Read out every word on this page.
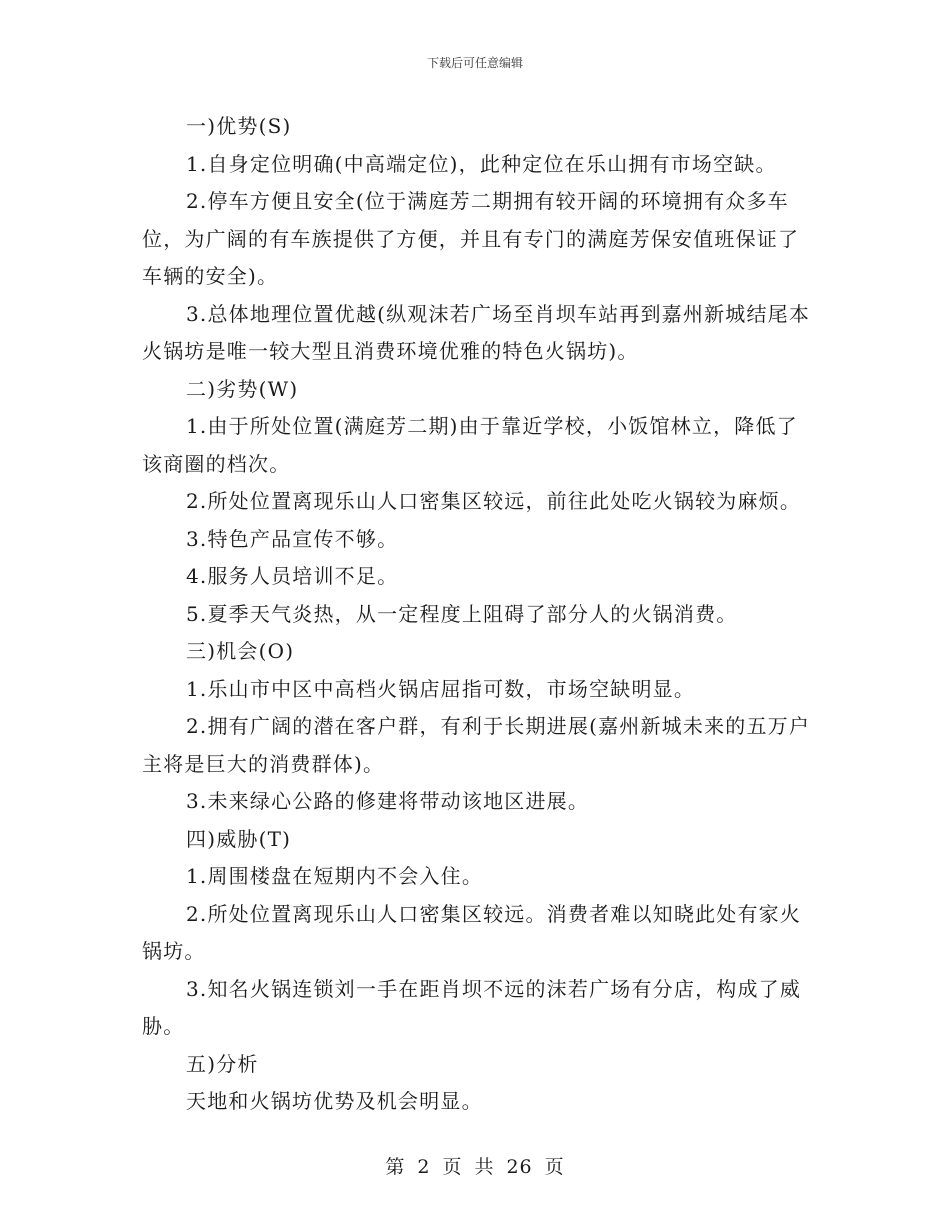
下载后可任意编辑

一)优势(S)

1.自身定位明确(中高端定位)，此种定位在乐山拥有市场空缺。

2.停车方便且安全(位于满庭芳二期拥有较开阔的环境拥有众多车位，为广阔的有车族提供了方便，并且有专门的满庭芳保安值班保证了车辆的安全)。

3.总体地理位置优越(纵观沫若广场至肖坝车站再到嘉州新城结尾本火锅坊是唯一较大型且消费环境优雅的特色火锅坊)。

二)劣势(W)

1.由于所处位置(满庭芳二期)由于靠近学校，小饭馆林立，降低了该商圈的档次。

2.所处位置离现乐山人口密集区较远，前往此处吃火锅较为麻烦。

3.特色产品宣传不够。

4.服务人员培训不足。

5.夏季天气炎热，从一定程度上阻碍了部分人的火锅消费。

三)机会(O)

1.乐山市中区中高档火锅店屈指可数，市场空缺明显。

2.拥有广阔的潜在客户群，有利于长期进展(嘉州新城未来的五万户主将是巨大的消费群体)。

3.未来绿心公路的修建将带动该地区进展。

四)威胁(T)

1.周围楼盘在短期内不会入住。

2.所处位置离现乐山人口密集区较远。消费者难以知晓此处有家火锅坊。

3.知名火锅连锁刘一手在距肖坝不远的沫若广场有分店，构成了威胁。

五)分析

天地和火锅坊优势及机会明显。

第 2 页 共 26 页
